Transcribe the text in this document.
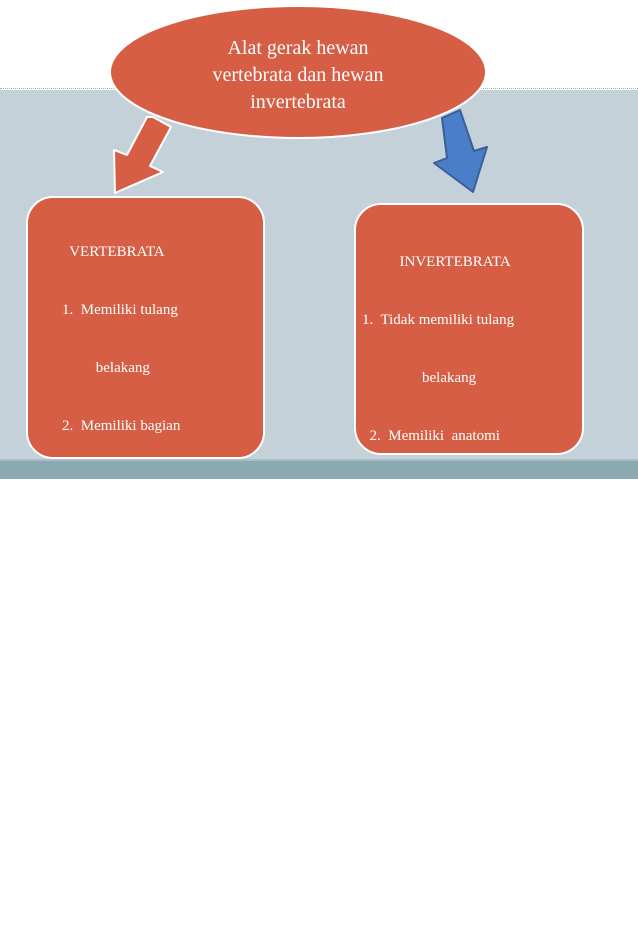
Alat gerak hewan
vertebrata dan hewan
invertebrata

VERTEBRATA

1.  Memiliki tulang

belakang

2.  Memiliki bagian

tubuh spseri kepala,

leher, dan badan

3.  Memiliki alat

pencernaan  yang

memanjang

4.  Memiliki bentuk

tubuh simetri

bilateral

INVERTEBRATA

1.  Tidak memiliki tulang

belakang

2.  Memiliki  anatomi

tubuh yanh masih

sederhana

3.  Memiliki alat

pencernaan yang

masih sederhana

4.  Memiliki bentuk

tubuh simetri radial
